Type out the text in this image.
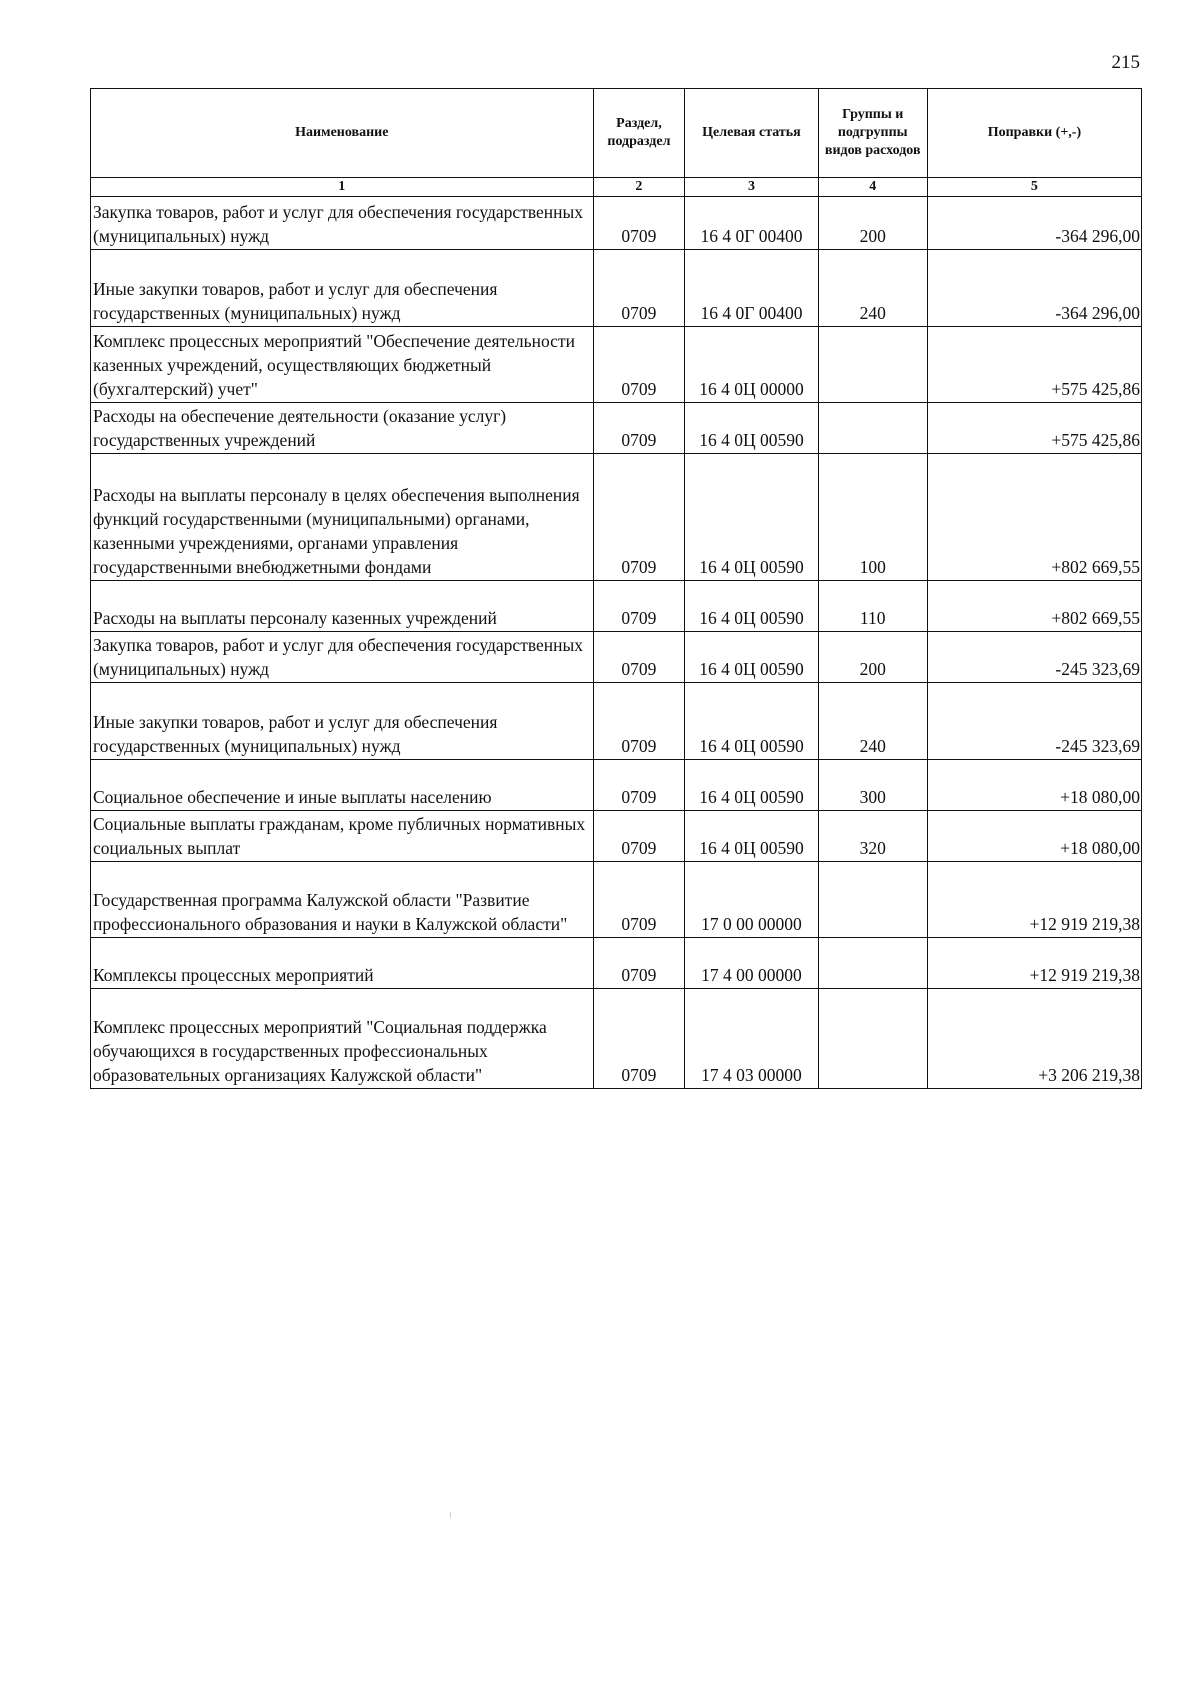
215
Наименование	Раздел, подраздел	Целевая статья	Группы и подгруппы видов расходов	Поправки (+,-)
1	2	3	4	5
Закупка товаров, работ и услуг для обеспечения государственных (муниципальных) нужд	0709	16 4 0Г 00400	200	-364 296,00
Иные закупки товаров, работ и услуг для обеспечения государственных (муниципальных) нужд	0709	16 4 0Г 00400	240	-364 296,00
Комплекс процессных мероприятий "Обеспечение деятельности казенных учреждений, осуществляющих бюджетный (бухгалтерский) учет"	0709	16 4 0Ц 00000		+575 425,86
Расходы на обеспечение деятельности (оказание услуг) государственных учреждений	0709	16 4 0Ц 00590		+575 425,86
Расходы на выплаты персоналу в целях обеспечения выполнения функций государственными (муниципальными) органами, казенными учреждениями, органами управления государственными внебюджетными фондами	0709	16 4 0Ц 00590	100	+802 669,55
Расходы на выплаты персоналу казенных учреждений	0709	16 4 0Ц 00590	110	+802 669,55
Закупка товаров, работ и услуг для обеспечения государственных (муниципальных) нужд	0709	16 4 0Ц 00590	200	-245 323,69
Иные закупки товаров, работ и услуг для обеспечения государственных (муниципальных) нужд	0709	16 4 0Ц 00590	240	-245 323,69
Социальное обеспечение и иные выплаты населению	0709	16 4 0Ц 00590	300	+18 080,00
Социальные выплаты гражданам, кроме публичных нормативных социальных выплат	0709	16 4 0Ц 00590	320	+18 080,00
Государственная программа Калужской области "Развитие профессионального образования и науки в Калужской области"	0709	17 0 00 00000		+12 919 219,38
Комплексы процессных мероприятий	0709	17 4 00 00000		+12 919 219,38
Комплекс процессных мероприятий "Социальная поддержка обучающихся в государственных профессиональных образовательных организациях Калужской области"	0709	17 4 03 00000		+3 206 219,38
